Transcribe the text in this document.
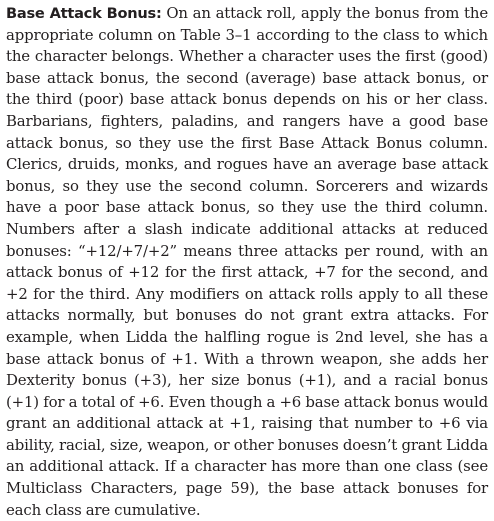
Base Attack Bonus: On an attack roll, apply the bonus from the appropriate column on Table 3–1 according to the class to which the character belongs. Whether a character uses the first (good) base attack bonus, the second (average) base attack bonus, or the third (poor) base attack bonus depends on his or her class. Barbarians, fighters, paladins, and rangers have a good base attack bonus, so they use the first Base Attack Bonus column. Clerics, druids, monks, and rogues have an average base attack bonus, so they use the second column. Sorcerers and wizards have a poor base attack bonus, so they use the third column. Numbers after a slash indicate additional attacks at reduced bonuses: “+12/+7/+2” means three attacks per round, with an attack bonus of +12 for the first attack, +7 for the second, and +2 for the third. Any modifiers on attack rolls apply to all these attacks normally, but bonuses do not grant extra attacks. For example, when Lidda the halfling rogue is 2nd level, she has a base attack bonus of +1. With a thrown weapon, she adds her Dexterity bonus (+3), her size bonus (+1), and a racial bonus (+1) for a total of +6. Even though a +6 base attack bonus would grant an additional attack at +1, raising that number to +6 via ability, racial, size, weapon, or other bonuses doesn’t grant Lidda an additional attack. If a character has more than one class (see Multiclass Characters, page 59), the base attack bonuses for each class are cumulative.
